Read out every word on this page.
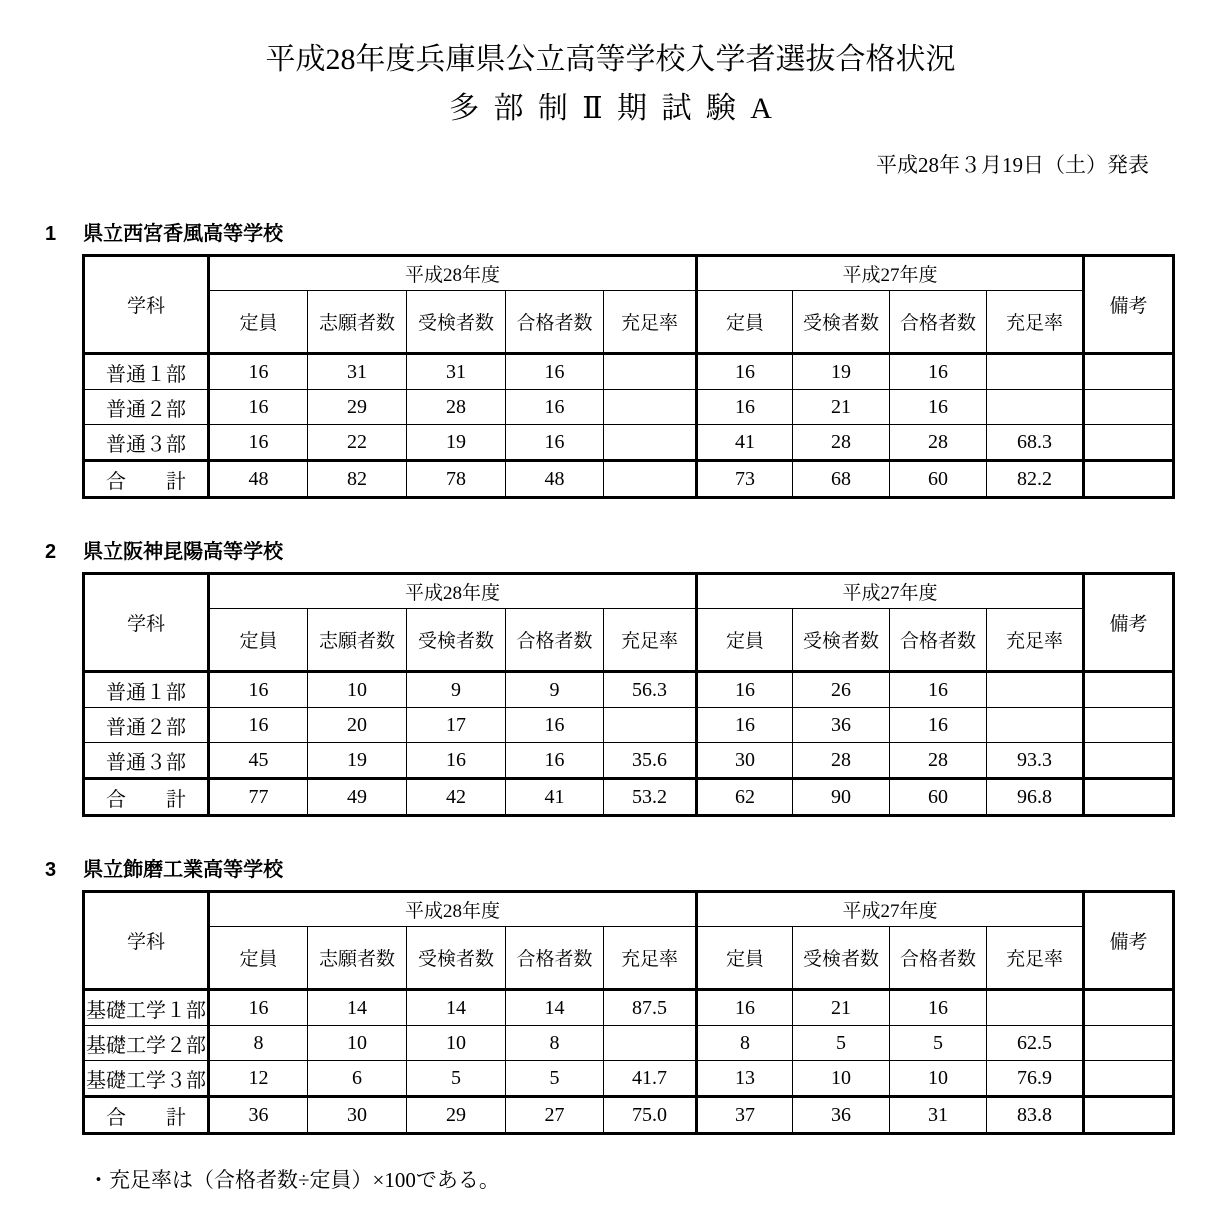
平成28年度兵庫県公立高等学校入学者選抜合格状況
多部制Ⅱ期試験A
平成28年３月19日（土）発表
1 県立西宮香風高等学校
学科	平成28年度					平成27年度				備考
	定員	志願者数	受検者数	合格者数	充足率	定員	受検者数	合格者数	充足率	
普通１部	16	31	31	16		16	19	16		
普通２部	16	29	28	16		16	21	16		
普通３部	16	22	19	16		41	28	28	68.3	
合　　計	48	82	78	48		73	68	60	82.2	
2 県立阪神昆陽高等学校
学科	平成28年度					平成27年度				備考
	定員	志願者数	受検者数	合格者数	充足率	定員	受検者数	合格者数	充足率	
普通１部	16	10	9	9	56.3	16	26	16		
普通２部	16	20	17	16		16	36	16		
普通３部	45	19	16	16	35.6	30	28	28	93.3	
合　　計	77	49	42	41	53.2	62	90	60	96.8	
3 県立飾磨工業高等学校
学科	平成28年度					平成27年度				備考
	定員	志願者数	受検者数	合格者数	充足率	定員	受検者数	合格者数	充足率	
基礎工学１部	16	14	14	14	87.5	16	21	16		
基礎工学２部	8	10	10	8		8	5	5	62.5	
基礎工学３部	12	6	5	5	41.7	13	10	10	76.9	
合　　計	36	30	29	27	75.0	37	36	31	83.8	
・充足率は（合格者数÷定員）×100である。
